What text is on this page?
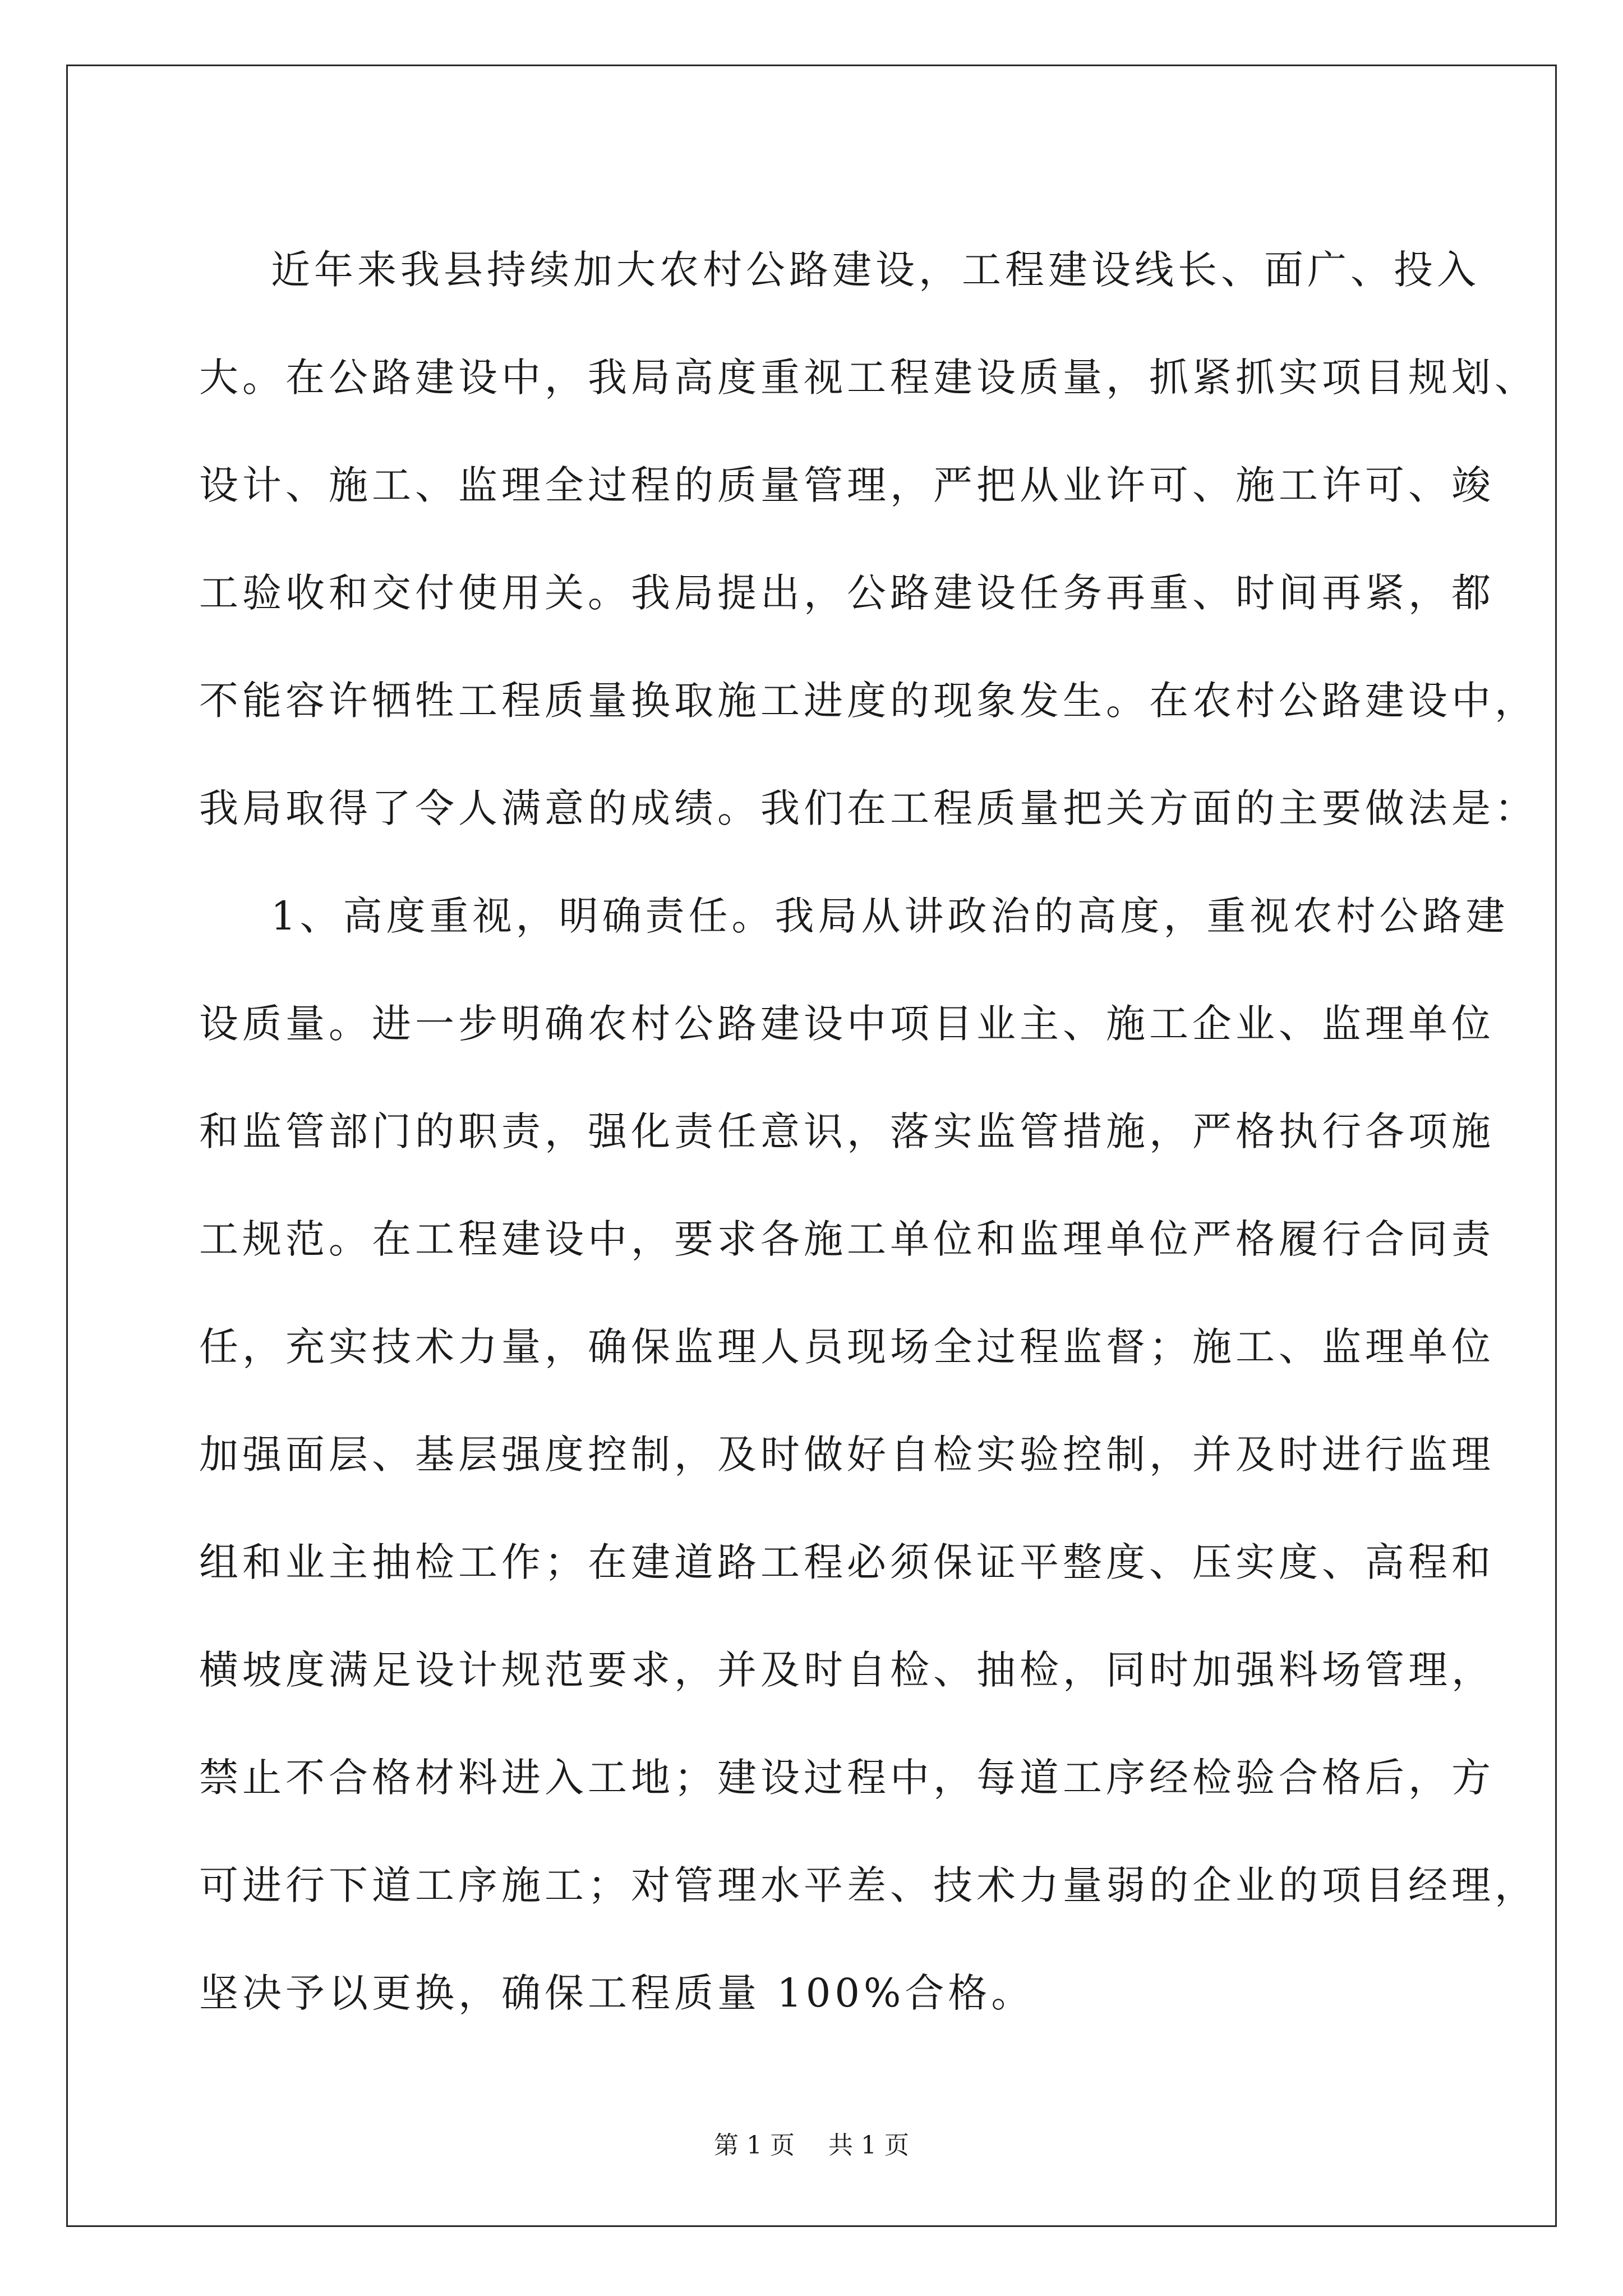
近年来我县持续加大农村公路建设，工程建设线长、面广、投入
大。在公路建设中，我局高度重视工程建设质量，抓紧抓实项目规划、
设计、施工、监理全过程的质量管理，严把从业许可、施工许可、竣
工验收和交付使用关。我局提出，公路建设任务再重、时间再紧，都
不能容许牺牲工程质量换取施工进度的现象发生。在农村公路建设中，
我局取得了令人满意的成绩。我们在工程质量把关方面的主要做法是：
1、高度重视，明确责任。我局从讲政治的高度，重视农村公路建
设质量。进一步明确农村公路建设中项目业主、施工企业、监理单位
和监管部门的职责，强化责任意识，落实监管措施，严格执行各项施
工规范。在工程建设中，要求各施工单位和监理单位严格履行合同责
任，充实技术力量，确保监理人员现场全过程监督；施工、监理单位
加强面层、基层强度控制，及时做好自检实验控制，并及时进行监理
组和业主抽检工作；在建道路工程必须保证平整度、压实度、高程和
横坡度满足设计规范要求，并及时自检、抽检，同时加强料场管理，
禁止不合格材料进入工地；建设过程中，每道工序经检验合格后，方
可进行下道工序施工；对管理水平差、技术力量弱的企业的项目经理，
坚决予以更换，确保工程质量 100%合格。
第 1 页 共 1 页
